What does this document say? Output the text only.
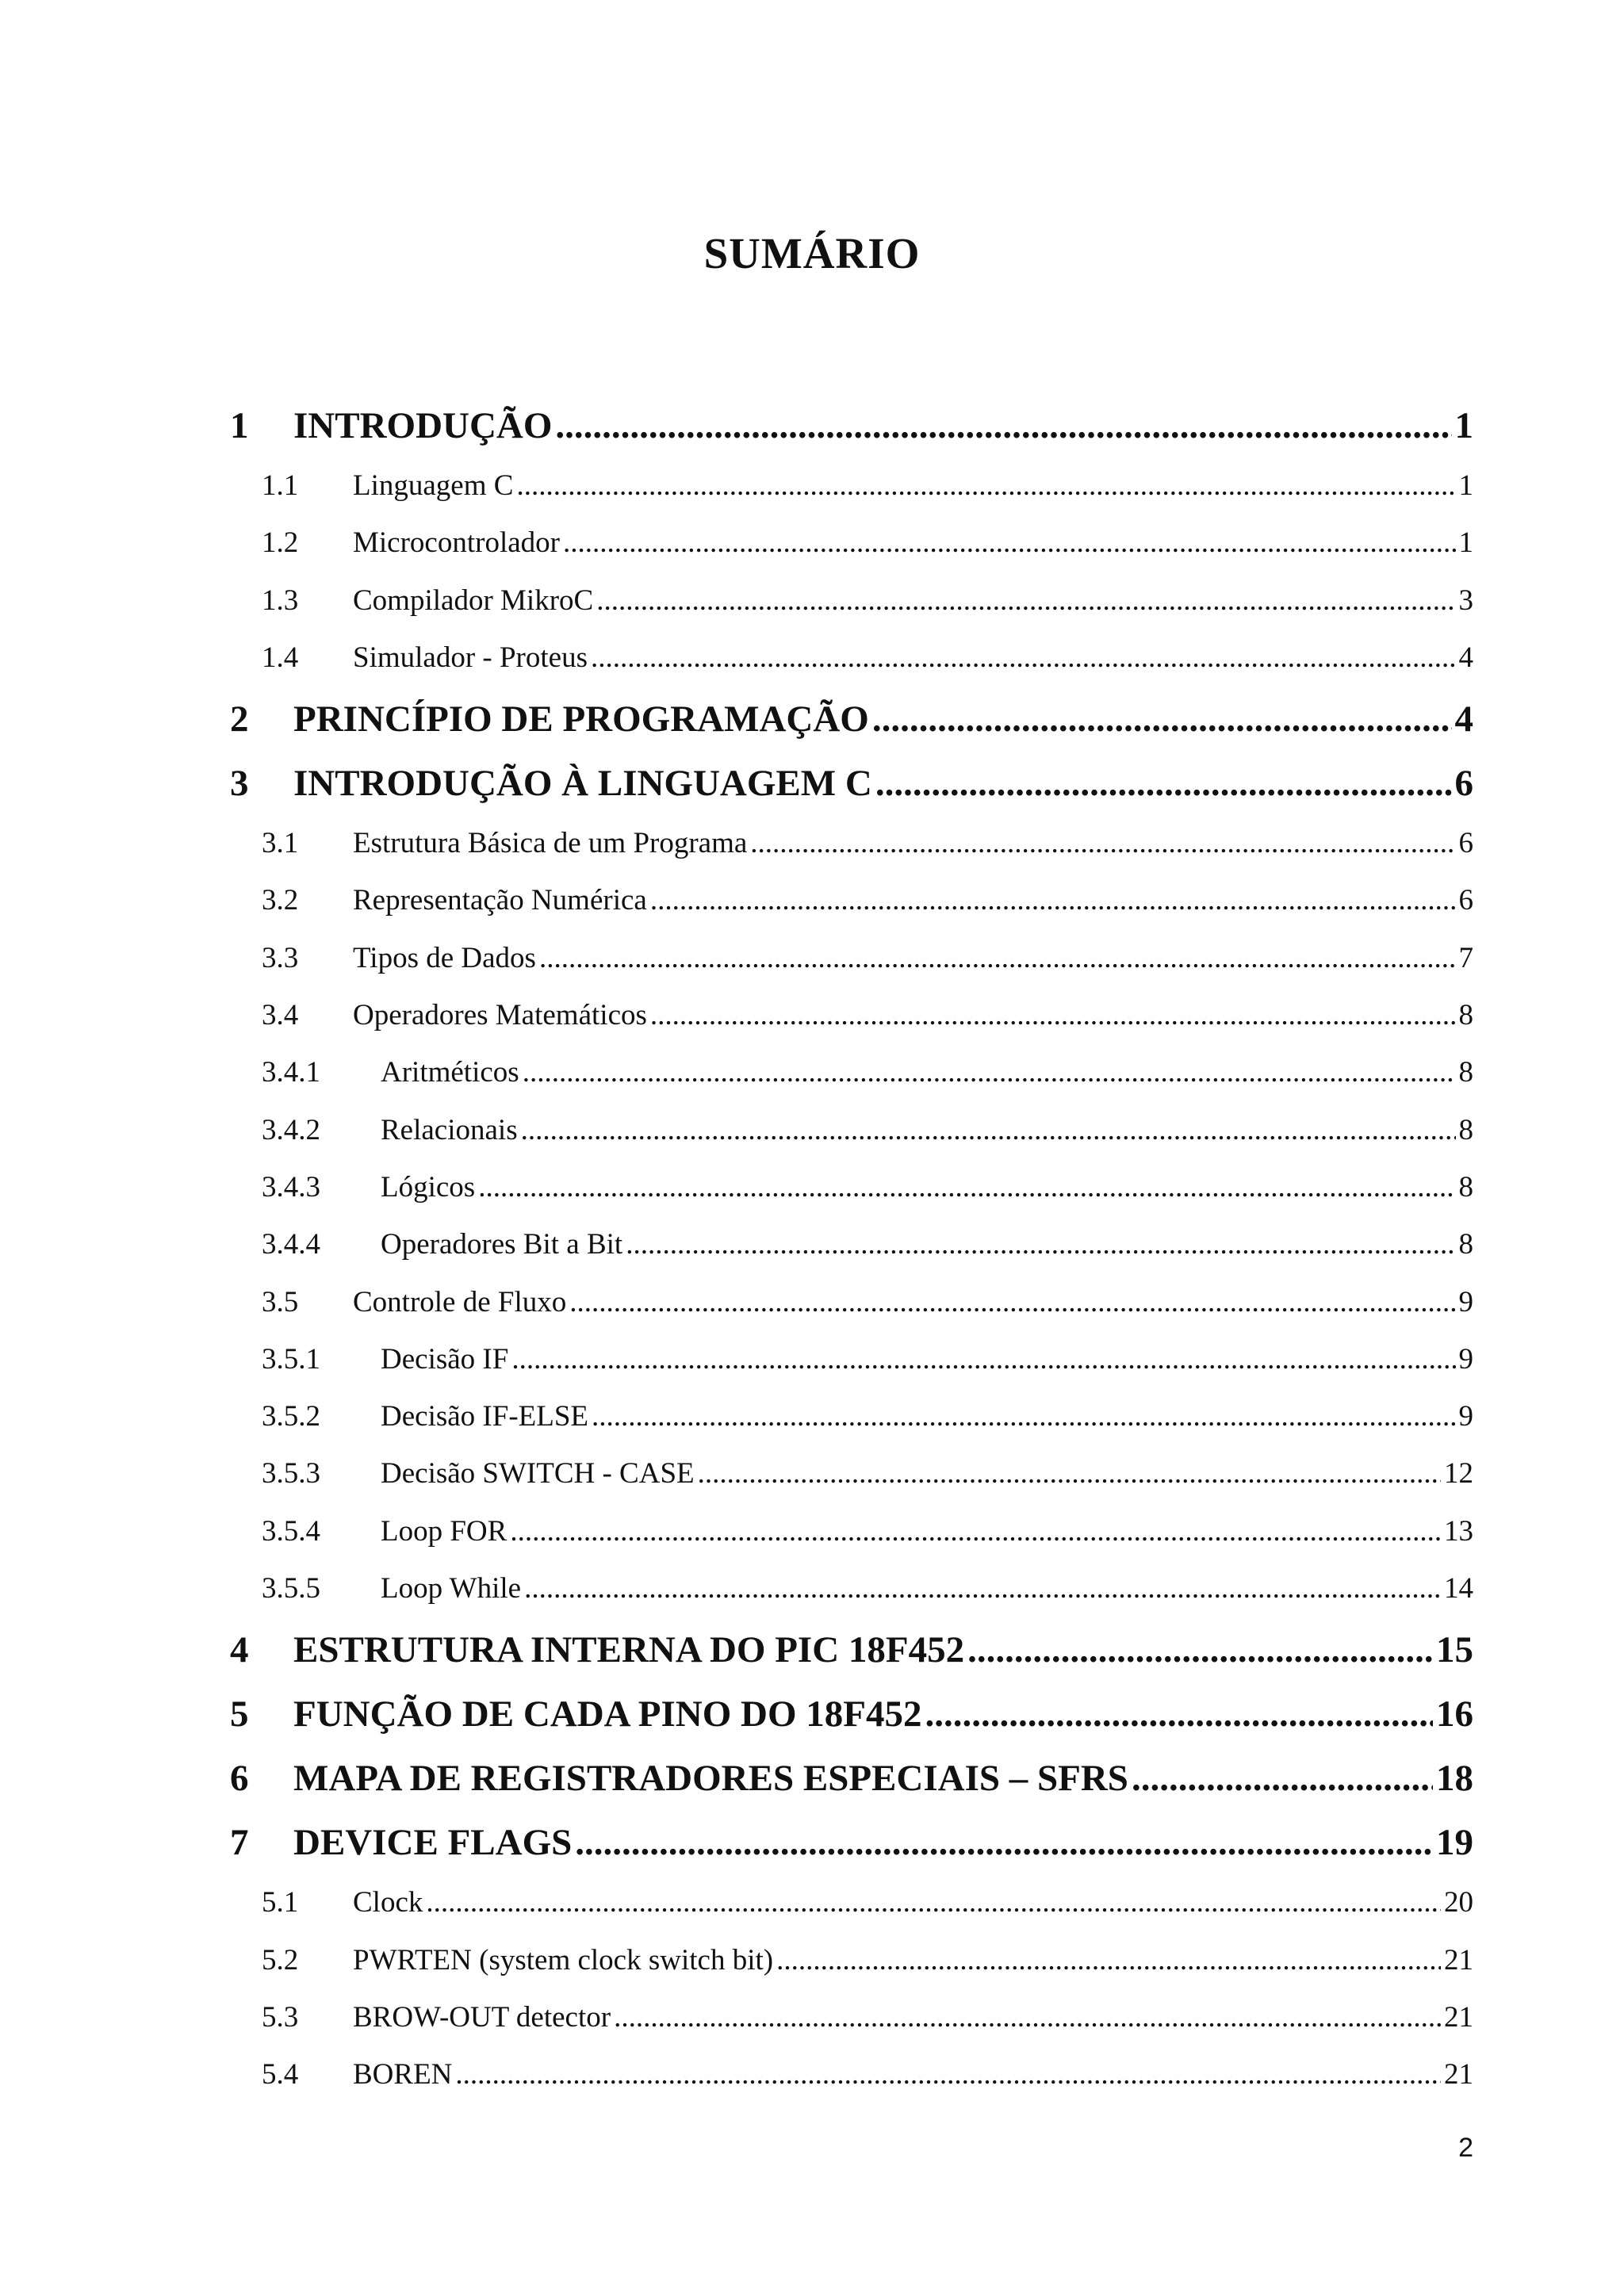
SUMÁRIO
1	INTRODUÇÃO .....	1
1.1	Linguagem C .....	1
1.2	Microcontrolador .....	1
1.3	Compilador MikroC .....	3
1.4	Simulador - Proteus .....	4
2	PRINCÍPIO DE PROGRAMAÇÃO .....	4
3	INTRODUÇÃO À LINGUAGEM C .....	6
3.1	Estrutura Básica de um Programa .....	6
3.2	Representação Numérica .....	6
3.3	Tipos de Dados .....	7
3.4	Operadores Matemáticos .....	8
3.4.1	Aritméticos .....	8
3.4.2	Relacionais .....	8
3.4.3	Lógicos .....	8
3.4.4	Operadores Bit a Bit .....	8
3.5	Controle de Fluxo .....	9
3.5.1	Decisão IF .....	9
3.5.2	Decisão IF-ELSE .....	9
3.5.3	Decisão SWITCH - CASE .....	12
3.5.4	Loop FOR .....	13
3.5.5	Loop While .....	14
4	ESTRUTURA INTERNA DO PIC 18F452 .....	15
5	FUNÇÃO DE CADA PINO DO 18F452 .....	16
6	MAPA DE REGISTRADORES ESPECIAIS – SFRS .....	18
7	DEVICE FLAGS .....	19
5.1	Clock .....	20
5.2	PWRTEN (system clock switch bit) .....	21
5.3	BROW-OUT detector .....	21
5.4	BOREN .....	21
2
